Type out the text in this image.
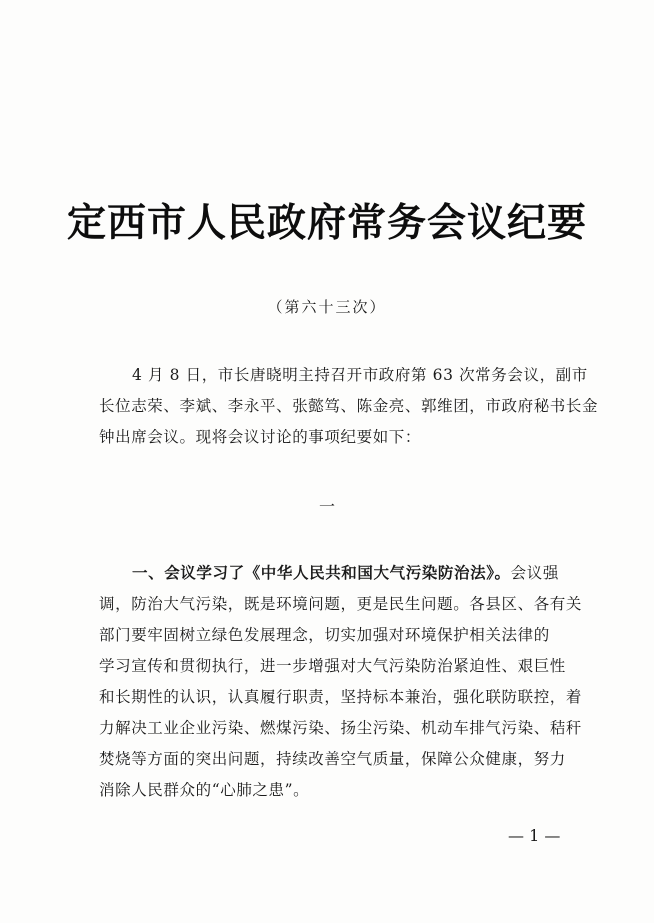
定西市人民政府常务会议纪要
（第六十三次）
4 月 8 日，市长唐晓明主持召开市政府第 63 次常务会议，副市
长位志荣、李斌、李永平、张懿笃、陈金亮、郭维团，市政府秘书长金
钟出席会议。现将会议讨论的事项纪要如下：
一
一、会议学习了《中华人民共和国大气污染防治法》。会议强
调，防治大气污染，既是环境问题，更是民生问题。各县区、各有关
部门要牢固树立绿色发展理念，切实加强对环境保护相关法律的
学习宣传和贯彻执行，进一步增强对大气污染防治紧迫性、艰巨性
和长期性的认识，认真履行职责，坚持标本兼治，强化联防联控，着
力解决工业企业污染、燃煤污染、扬尘污染、机动车排气污染、秸秆
焚烧等方面的突出问题，持续改善空气质量，保障公众健康，努力
消除人民群众的“心肺之患”。
— 1 —
